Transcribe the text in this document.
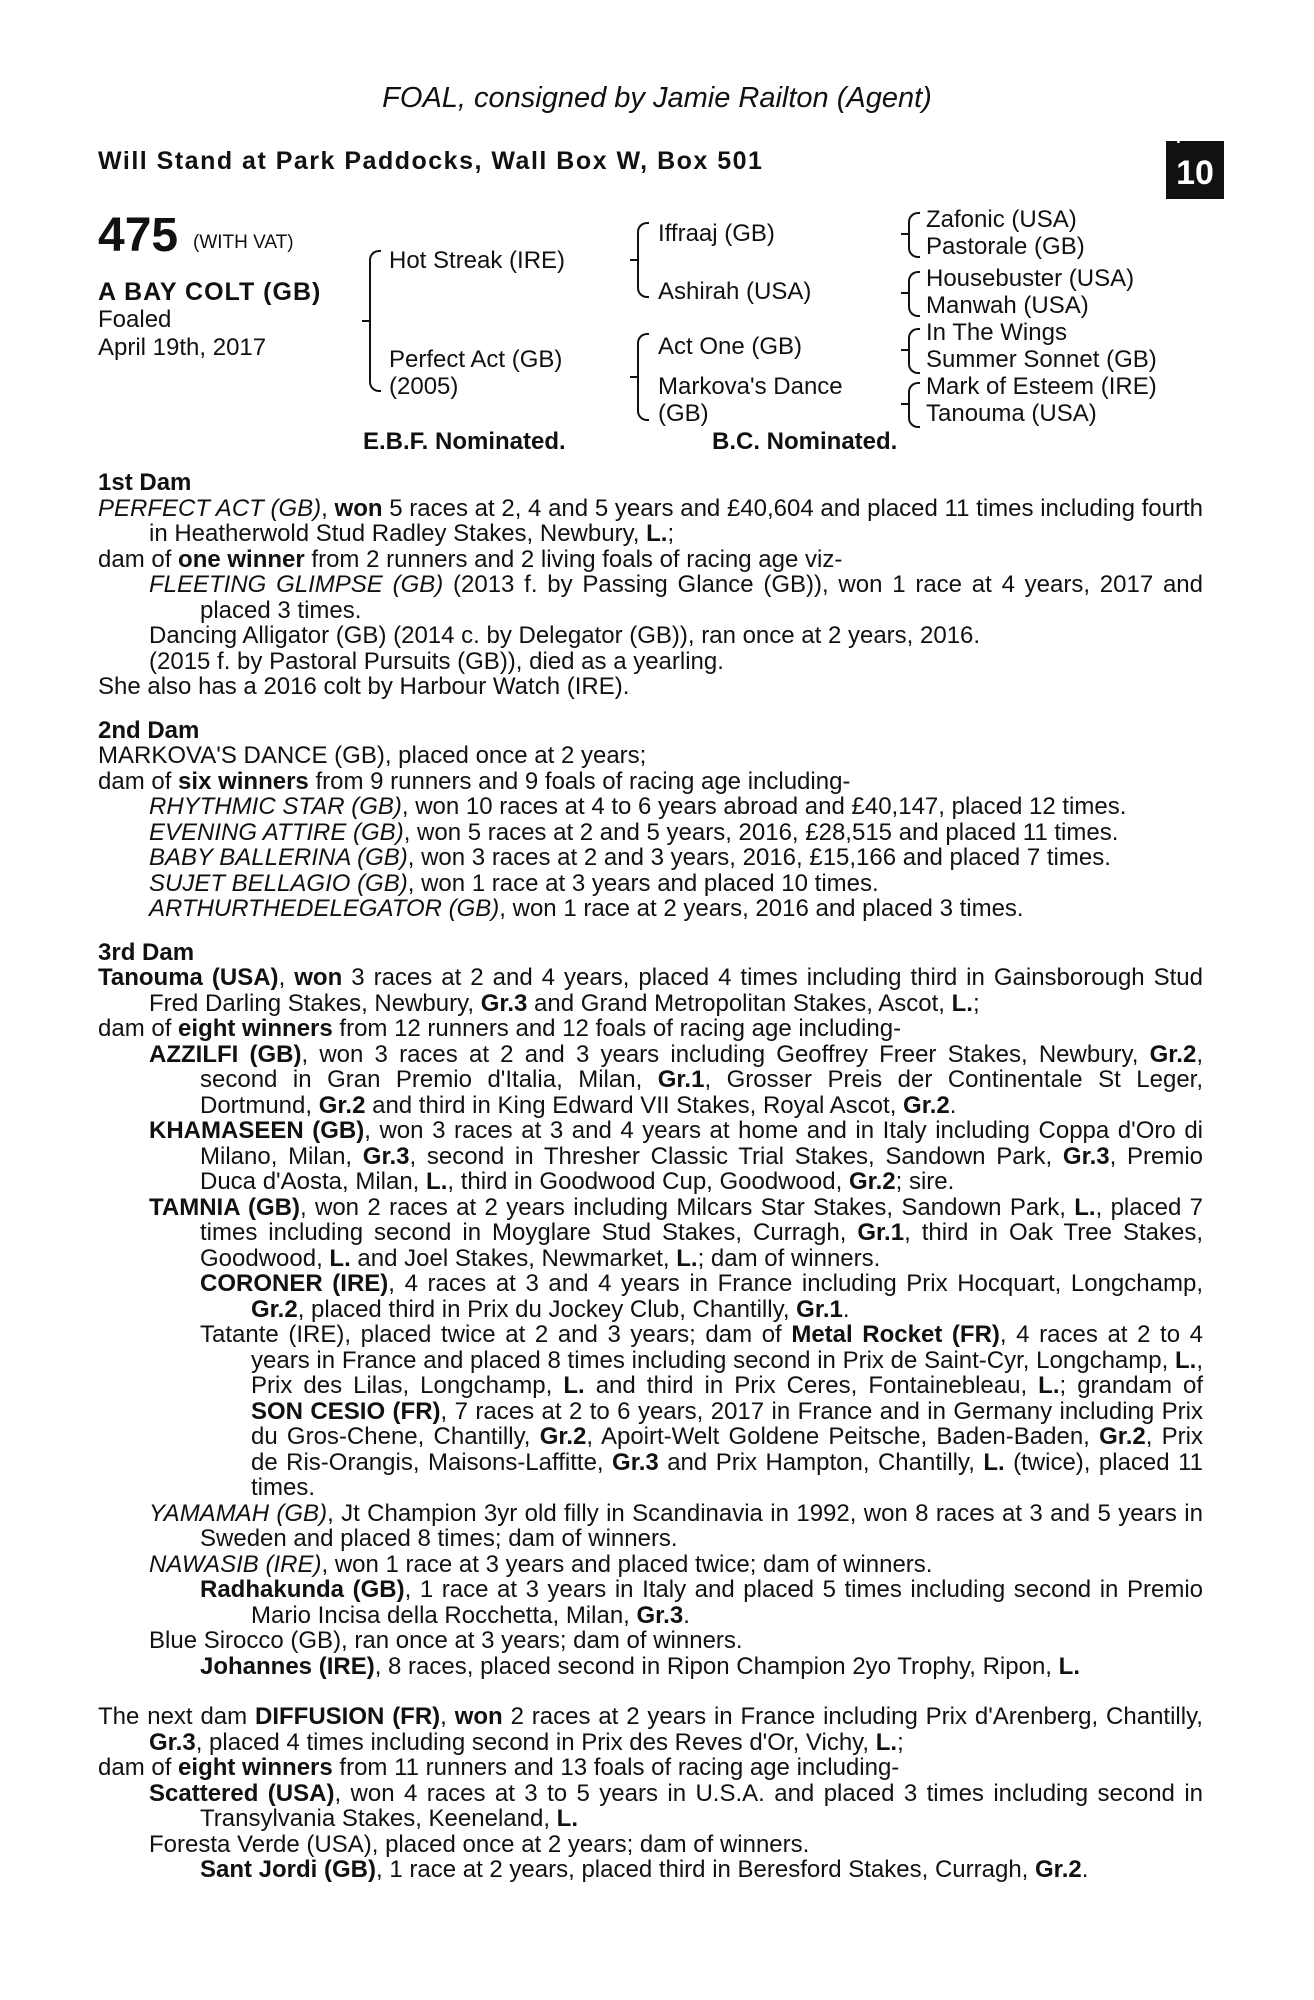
FOAL, consigned by Jamie Railton (Agent)
Will Stand at Park Paddocks, Wall Box W, Box 501
+
10
475 (WITH VAT)
A BAY COLT (GB)
Foaled
April 19th, 2017
Hot Streak (IRE)
Perfect Act (GB)
(2005)
Iffraaj (GB)
Ashirah (USA)
Act One (GB)
Markova's Dance
(GB)
Zafonic (USA)
Pastorale (GB)
Housebuster (USA)
Manwah (USA)
In The Wings
Summer Sonnet (GB)
Mark of Esteem (IRE)
Tanouma (USA)
E.B.F. Nominated.	B.C. Nominated.
1st Dam
PERFECT ACT (GB), won 5 races at 2, 4 and 5 years and £40,604 and placed 11 times including fourth in Heatherwold Stud Radley Stakes, Newbury, L.;
dam of one winner from 2 runners and 2 living foals of racing age viz-
FLEETING GLIMPSE (GB) (2013 f. by Passing Glance (GB)), won 1 race at 4 years, 2017 and placed 3 times.
Dancing Alligator (GB) (2014 c. by Delegator (GB)), ran once at 2 years, 2016.
(2015 f. by Pastoral Pursuits (GB)), died as a yearling.
She also has a 2016 colt by Harbour Watch (IRE).
2nd Dam
MARKOVA'S DANCE (GB), placed once at 2 years;
dam of six winners from 9 runners and 9 foals of racing age including-
RHYTHMIC STAR (GB), won 10 races at 4 to 6 years abroad and £40,147, placed 12 times.
EVENING ATTIRE (GB), won 5 races at 2 and 5 years, 2016, £28,515 and placed 11 times.
BABY BALLERINA (GB), won 3 races at 2 and 3 years, 2016, £15,166 and placed 7 times.
SUJET BELLAGIO (GB), won 1 race at 3 years and placed 10 times.
ARTHURTHEDELEGATOR (GB), won 1 race at 2 years, 2016 and placed 3 times.
3rd Dam
Tanouma (USA), won 3 races at 2 and 4 years, placed 4 times including third in Gainsborough Stud Fred Darling Stakes, Newbury, Gr.3 and Grand Metropolitan Stakes, Ascot, L.;
dam of eight winners from 12 runners and 12 foals of racing age including-
AZZILFI (GB), won 3 races at 2 and 3 years including Geoffrey Freer Stakes, Newbury, Gr.2, second in Gran Premio d'Italia, Milan, Gr.1, Grosser Preis der Continentale St Leger, Dortmund, Gr.2 and third in King Edward VII Stakes, Royal Ascot, Gr.2.
KHAMASEEN (GB), won 3 races at 3 and 4 years at home and in Italy including Coppa d'Oro di Milano, Milan, Gr.3, second in Thresher Classic Trial Stakes, Sandown Park, Gr.3, Premio Duca d'Aosta, Milan, L., third in Goodwood Cup, Goodwood, Gr.2; sire.
TAMNIA (GB), won 2 races at 2 years including Milcars Star Stakes, Sandown Park, L., placed 7 times including second in Moyglare Stud Stakes, Curragh, Gr.1, third in Oak Tree Stakes, Goodwood, L. and Joel Stakes, Newmarket, L.; dam of winners.
CORONER (IRE), 4 races at 3 and 4 years in France including Prix Hocquart, Longchamp, Gr.2, placed third in Prix du Jockey Club, Chantilly, Gr.1.
Tatante (IRE), placed twice at 2 and 3 years; dam of Metal Rocket (FR), 4 races at 2 to 4 years in France and placed 8 times including second in Prix de Saint-Cyr, Longchamp, L., Prix des Lilas, Longchamp, L. and third in Prix Ceres, Fontainebleau, L.; grandam of SON CESIO (FR), 7 races at 2 to 6 years, 2017 in France and in Germany including Prix du Gros-Chene, Chantilly, Gr.2, Apoirt-Welt Goldene Peitsche, Baden-Baden, Gr.2, Prix de Ris-Orangis, Maisons-Laffitte, Gr.3 and Prix Hampton, Chantilly, L. (twice), placed 11 times.
YAMAMAH (GB), Jt Champion 3yr old filly in Scandinavia in 1992, won 8 races at 3 and 5 years in Sweden and placed 8 times; dam of winners.
NAWASIB (IRE), won 1 race at 3 years and placed twice; dam of winners.
Radhakunda (GB), 1 race at 3 years in Italy and placed 5 times including second in Premio Mario Incisa della Rocchetta, Milan, Gr.3.
Blue Sirocco (GB), ran once at 3 years; dam of winners.
Johannes (IRE), 8 races, placed second in Ripon Champion 2yo Trophy, Ripon, L.
The next dam DIFFUSION (FR), won 2 races at 2 years in France including Prix d'Arenberg, Chantilly, Gr.3, placed 4 times including second in Prix des Reves d'Or, Vichy, L.;
dam of eight winners from 11 runners and 13 foals of racing age including-
Scattered (USA), won 4 races at 3 to 5 years in U.S.A. and placed 3 times including second in Transylvania Stakes, Keeneland, L.
Foresta Verde (USA), placed once at 2 years; dam of winners.
Sant Jordi (GB), 1 race at 2 years, placed third in Beresford Stakes, Curragh, Gr.2.
